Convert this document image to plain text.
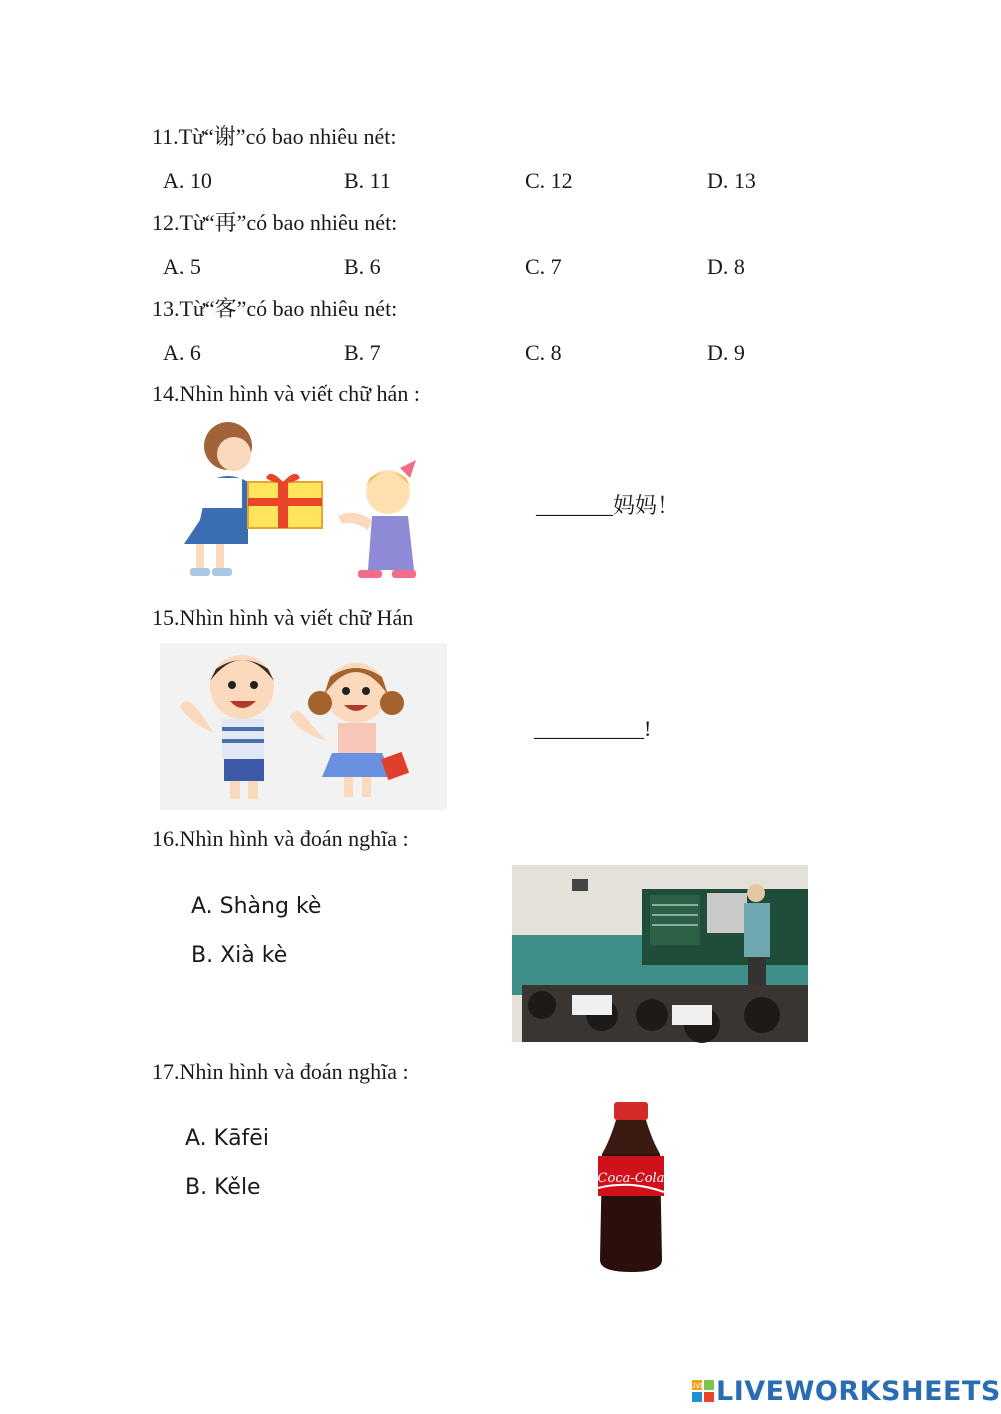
11.Từ“谢”có bao nhiêu nét:
A. 10	B. 11	C. 12	D. 13
12.Từ“再”có bao nhiêu nét:
A. 5	B. 6	C. 7	D. 8
13.Từ“客”có bao nhiêu nét:
A. 6	B. 7	C. 8	D. 9
14.Nhìn hình và viết chữ hán :
_______妈妈！
15.Nhìn hình và viết chữ Hán
__________!
16.Nhìn hình và đoán nghĩa :
A. Shàng kè
B. Xià kè
17.Nhìn hình và đoán nghĩa :
A. Kāfēi
B. Kěle	Coca-Cola
LIVE LIVEWORKSHEETS
